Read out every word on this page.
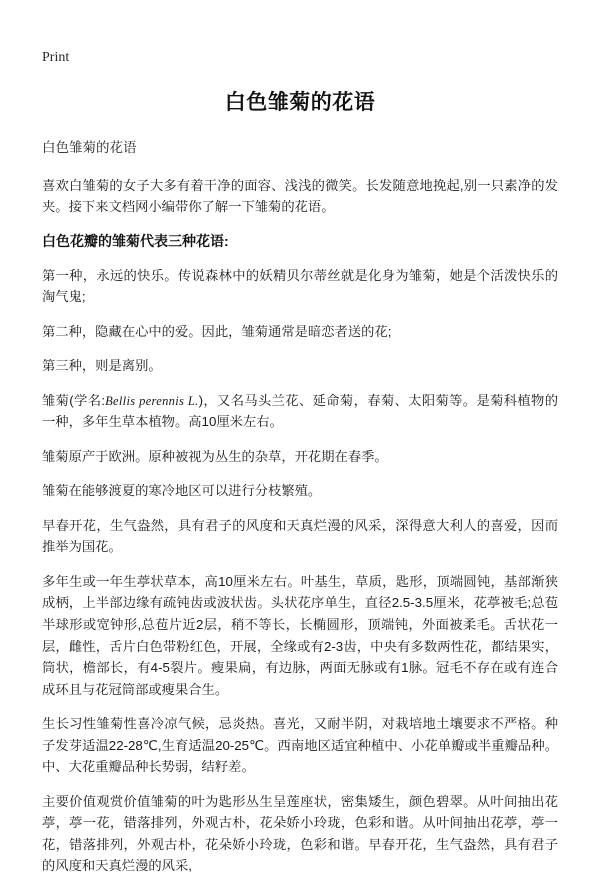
Print
白色雏菊的花语
白色雏菊的花语

喜欢白雏菊的女子大多有着干净的面容、浅浅的微笑。长发随意地挽起,别一只素净的发夹。接下来文档网小编带你了解一下雏菊的花语。

白色花瓣的雏菊代表三种花语:

第一种，永远的快乐。传说森林中的妖精贝尔蒂丝就是化身为雏菊，她是个活泼快乐的淘气鬼;

第二种，隐藏在心中的爱。因此，雏菊通常是暗恋者送的花;

第三种，则是离别。

雏菊(学名:Bellis perennis L.)，又名马头兰花、延命菊，春菊、太阳菊等。是菊科植物的一种，多年生草本植物。高10厘米左右。

雏菊原产于欧洲。原种被视为丛生的杂草，开花期在春季。

雏菊在能够渡夏的寒冷地区可以进行分枝繁殖。

早春开花，生气盎然，具有君子的风度和天真烂漫的风采，深得意大利人的喜爱，因而推举为国花。

多年生或一年生葶状草本，高10厘米左右。叶基生，草质，匙形，顶端圆钝，基部渐狭成柄，上半部边缘有疏钝齿或波状齿。头状花序单生，直径2.5-3.5厘米，花葶被毛;总苞半球形或宽钟形,总苞片近2层，稍不等长，长椭圆形，顶端钝，外面被柔毛。舌状花一层，雌性，舌片白色带粉红色，开展，全缘或有2-3齿，中央有多数两性花，都结果实，筒状，檐部长，有4-5裂片。瘦果扁，有边脉，两面无脉或有1脉。冠毛不存在或有连合成环且与花冠筒部或瘦果合生。

生长习性雏菊性喜冷凉气候，忌炎热。喜光，又耐半阴，对栽培地土壤要求不严格。种子发芽适温22-28℃,生育适温20-25℃。西南地区适宜种植中、小花单瓣或半重瓣品种。中、大花重瓣品种长势弱，结籽差。

主要价值观赏价值雏菊的叶为匙形丛生呈莲座状，密集矮生，颜色碧翠。从叶间抽出花葶，葶一花，错落排列，外观古朴，花朵娇小玲珑，色彩和谐。从叶间抽出花葶，葶一花，错落排列，外观古朴，花朵娇小玲珑，色彩和谐。早春开花，生气盎然，具有君子的风度和天真烂漫的风采,
